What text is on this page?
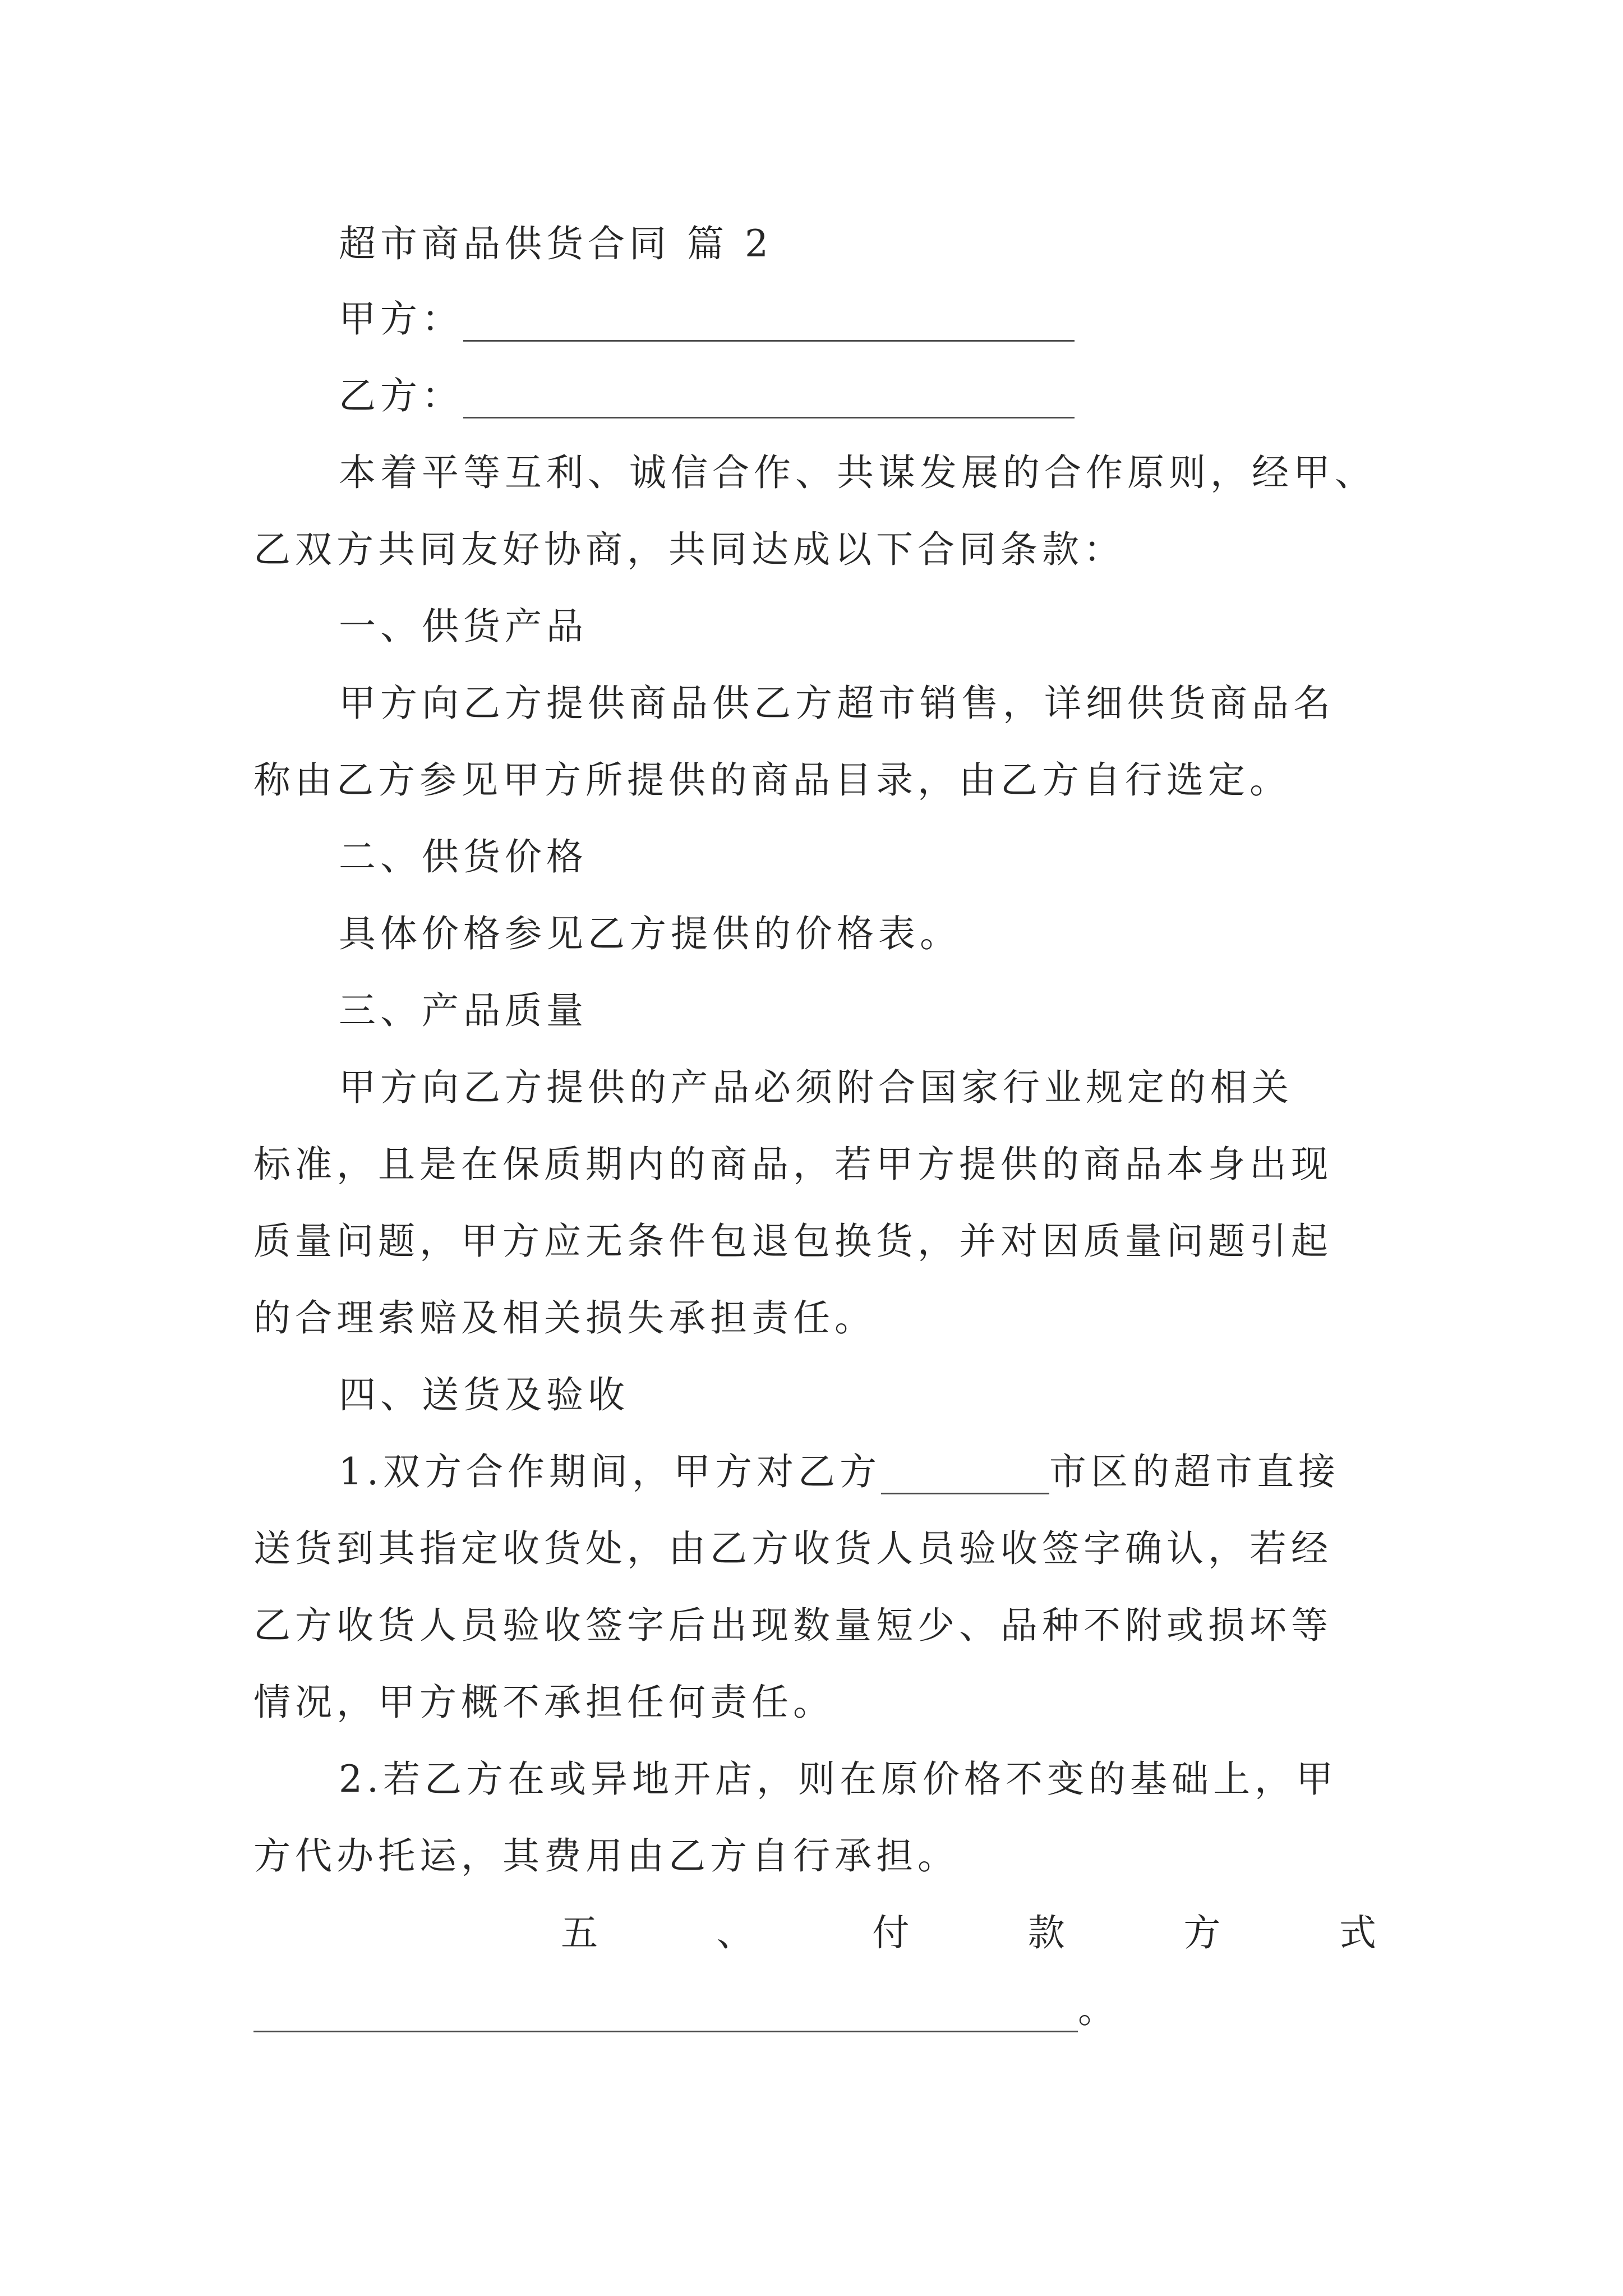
超市商品供货合同 篇 2
甲方：
乙方：
本着平等互利、诚信合作、共谋发展的合作原则，经甲、
乙双方共同友好协商，共同达成以下合同条款：
一、供货产品
甲方向乙方提供商品供乙方超市销售，详细供货商品名
称由乙方参见甲方所提供的商品目录，由乙方自行选定。
二、供货价格
具体价格参见乙方提供的价格表。
三、产品质量
甲方向乙方提供的产品必须附合国家行业规定的相关
标准，且是在保质期内的商品，若甲方提供的商品本身出现
质量问题，甲方应无条件包退包换货，并对因质量问题引起
的合理索赔及相关损失承担责任。
四、送货及验收
1.双方合作期间，甲方对乙方	市区的超市直接
送货到其指定收货处，由乙方收货人员验收签字确认，若经
乙方收货人员验收签字后出现数量短少、品种不附或损坏等
情况，甲方概不承担任何责任。
2.若乙方在或异地开店，则在原价格不变的基础上，甲
方代办托运，其费用由乙方自行承担。
五	、	付	款	方	式
。
